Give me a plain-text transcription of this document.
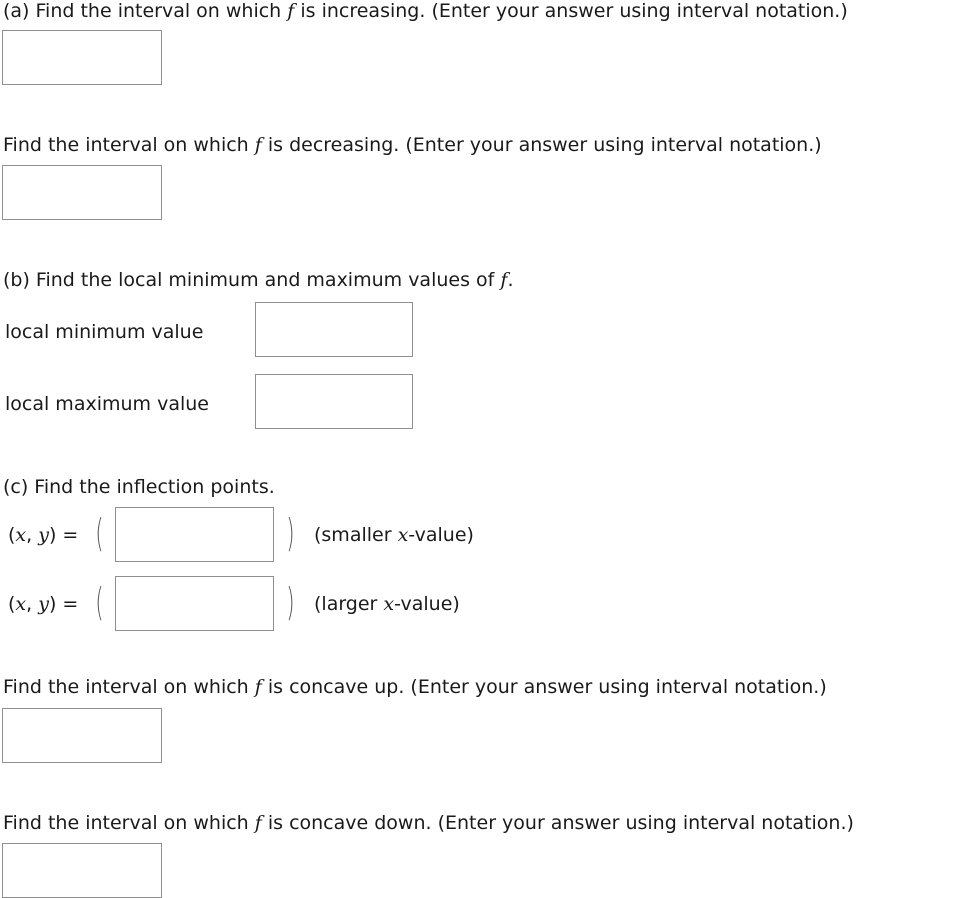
(a) Find the interval on which f is increasing. (Enter your answer using interval notation.)
Find the interval on which f is decreasing. (Enter your answer using interval notation.)
(b) Find the local minimum and maximum values of f.
local minimum value
local maximum value
(c) Find the inflection points.
(x, y) = (	) (smaller x-value)
(x, y) = (	) (larger x-value)
Find the interval on which f is concave up. (Enter your answer using interval notation.)
Find the interval on which f is concave down. (Enter your answer using interval notation.)
